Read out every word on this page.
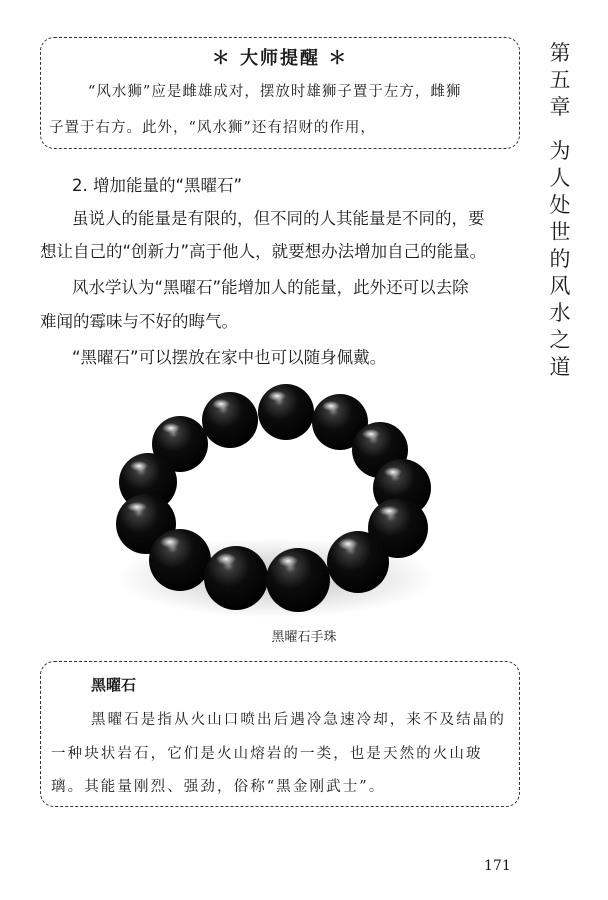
＊ 大师提醒 ＊
“风水狮”应是雌雄成对，摆放时雄狮子置于左方，雌狮
子置于右方。此外，“风水狮”还有招财的作用，
2. 增加能量的“黑曜石”
虽说人的能量是有限的，但不同的人其能量是不同的，要
想让自己的“创新力”高于他人，就要想办法增加自己的能量。
风水学认为“黑曜石”能增加人的能量，此外还可以去除
难闻的霉味与不好的晦气。
“黑曜石”可以摆放在家中也可以随身佩戴。
黑曜石手珠
黑曜石
黑曜石是指从火山口喷出后遇冷急速冷却，来不及结晶的
一种块状岩石，它们是火山熔岩的一类，也是天然的火山玻
璃。其能量刚烈、强劲，俗称“黑金刚武士”。
第
五
章
为
人
处
世
的
风
水
之
道
171
